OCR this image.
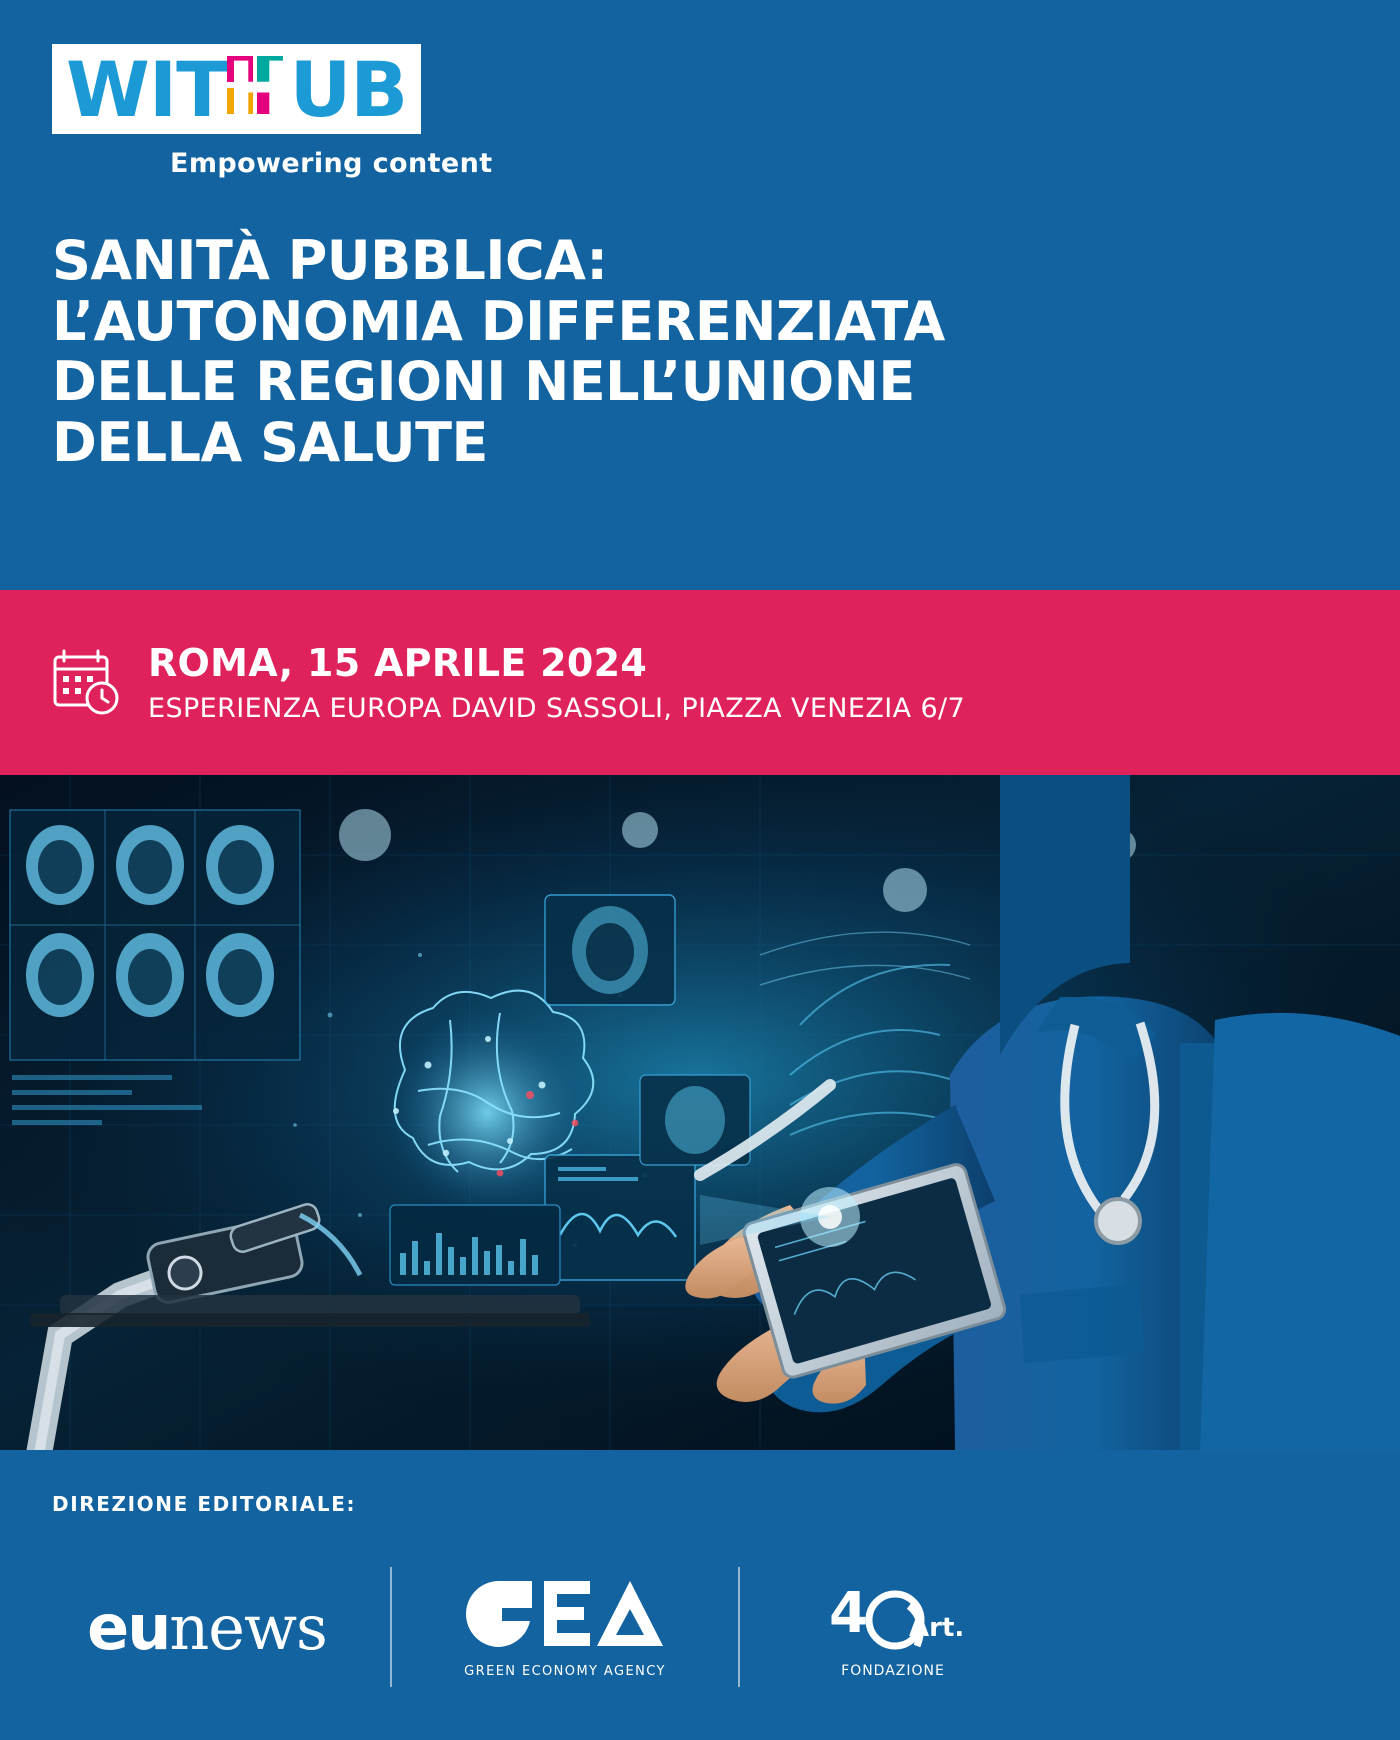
WIT H UB
Empowering content
SANITÀ PUBBLICA:
L’AUTONOMIA DIFFERENZIATA
DELLE REGIONI NELL’UNIONE
DELLA SALUTE
ROMA, 15 APRILE 2024
ESPERIENZA EUROPA DAVID SASSOLI, PIAZZA VENEZIA 6/7
DIREZIONE EDITORIALE:
eunews
GREEN ECONOMY AGENCY
4 Art.
FONDAZIONE
